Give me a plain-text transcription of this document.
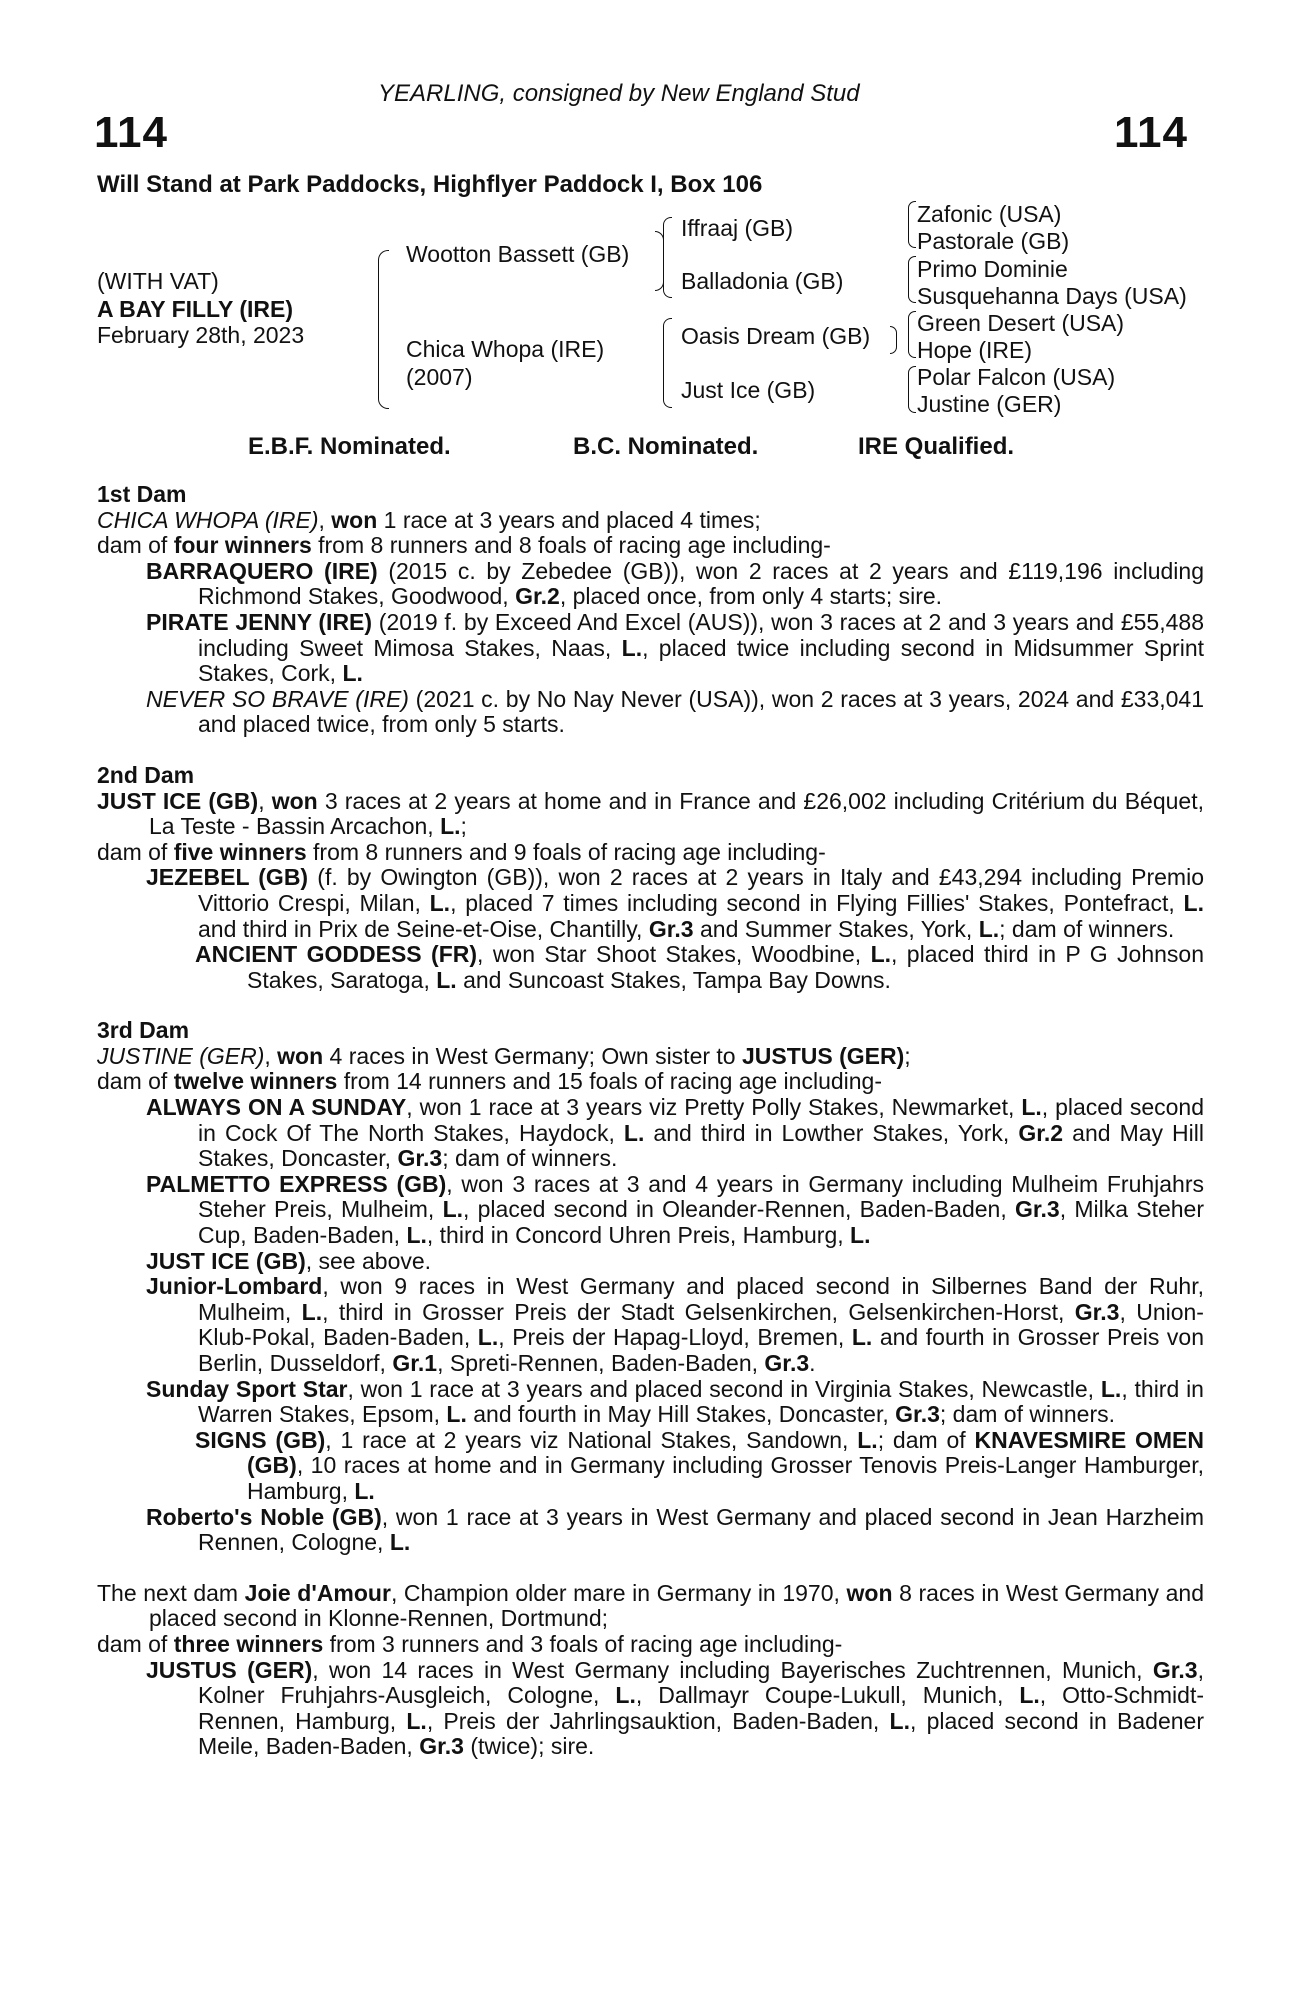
YEARLING, consigned by New England Stud
114	114
Will Stand at Park Paddocks, Highflyer Paddock I, Box 106
(WITH VAT)
A BAY FILLY (IRE)
February 28th, 2023
Wootton Bassett (GB)
Chica Whopa (IRE)
(2007)
Iffraaj (GB)
Balladonia (GB)
Oasis Dream (GB)
Just Ice (GB)
Zafonic (USA)
Pastorale (GB)
Primo Dominie
Susquehanna Days (USA)
Green Desert (USA)
Hope (IRE)
Polar Falcon (USA)
Justine (GER)
E.B.F. Nominated.	B.C. Nominated.	IRE Qualified.

1st Dam

CHICA WHOPA (IRE), won 1 race at 3 years and placed 4 times;

dam of four winners from 8 runners and 8 foals of racing age including-

BARRAQUERO (IRE) (2015 c. by Zebedee (GB)), won 2 races at 2 years and £119,196 including Richmond Stakes, Goodwood, Gr.2, placed once, from only 4 starts; sire.

PIRATE JENNY (IRE) (2019 f. by Exceed And Excel (AUS)), won 3 races at 2 and 3 years and £55,488 including Sweet Mimosa Stakes, Naas, L., placed twice including second in Midsummer Sprint Stakes, Cork, L.

NEVER SO BRAVE (IRE) (2021 c. by No Nay Never (USA)), won 2 races at 3 years, 2024 and £33,041 and placed twice, from only 5 starts.

2nd Dam

JUST ICE (GB), won 3 races at 2 years at home and in France and £26,002 including Critérium du Béquet, La Teste - Bassin Arcachon, L.;

dam of five winners from 8 runners and 9 foals of racing age including-

JEZEBEL (GB) (f. by Owington (GB)), won 2 races at 2 years in Italy and £43,294 including Premio Vittorio Crespi, Milan, L., placed 7 times including second in Flying Fillies' Stakes, Pontefract, L. and third in Prix de Seine-et-Oise, Chantilly, Gr.3 and Summer Stakes, York, L.; dam of winners.

ANCIENT GODDESS (FR), won Star Shoot Stakes, Woodbine, L., placed third in P G Johnson Stakes, Saratoga, L. and Suncoast Stakes, Tampa Bay Downs.

3rd Dam

JUSTINE (GER), won 4 races in West Germany; Own sister to JUSTUS (GER);

dam of twelve winners from 14 runners and 15 foals of racing age including-

ALWAYS ON A SUNDAY, won 1 race at 3 years viz Pretty Polly Stakes, Newmarket, L., placed second in Cock Of The North Stakes, Haydock, L. and third in Lowther Stakes, York, Gr.2 and May Hill Stakes, Doncaster, Gr.3; dam of winners.

PALMETTO EXPRESS (GB), won 3 races at 3 and 4 years in Germany including Mulheim Fruhjahrs Steher Preis, Mulheim, L., placed second in Oleander-Rennen, Baden-Baden, Gr.3, Milka Steher Cup, Baden-Baden, L., third in Concord Uhren Preis, Hamburg, L.

JUST ICE (GB), see above.

Junior-Lombard, won 9 races in West Germany and placed second in Silbernes Band der Ruhr, Mulheim, L., third in Grosser Preis der Stadt Gelsenkirchen, Gelsenkirchen-Horst, Gr.3, Union-Klub-Pokal, Baden-Baden, L., Preis der Hapag-Lloyd, Bremen, L. and fourth in Grosser Preis von Berlin, Dusseldorf, Gr.1, Spreti-Rennen, Baden-Baden, Gr.3.

Sunday Sport Star, won 1 race at 3 years and placed second in Virginia Stakes, Newcastle, L., third in Warren Stakes, Epsom, L. and fourth in May Hill Stakes, Doncaster, Gr.3; dam of winners.

SIGNS (GB), 1 race at 2 years viz National Stakes, Sandown, L.; dam of KNAVESMIRE OMEN (GB), 10 races at home and in Germany including Grosser Tenovis Preis-Langer Hamburger, Hamburg, L.

Roberto's Noble (GB), won 1 race at 3 years in West Germany and placed second in Jean Harzheim Rennen, Cologne, L.

The next dam Joie d'Amour, Champion older mare in Germany in 1970, won 8 races in West Germany and placed second in Klonne-Rennen, Dortmund;

dam of three winners from 3 runners and 3 foals of racing age including-

JUSTUS (GER), won 14 races in West Germany including Bayerisches Zuchtrennen, Munich, Gr.3, Kolner Fruhjahrs-Ausgleich, Cologne, L., Dallmayr Coupe-Lukull, Munich, L., Otto-Schmidt-Rennen, Hamburg, L., Preis der Jahrlingsauktion, Baden-Baden, L., placed second in Badener Meile, Baden-Baden, Gr.3 (twice); sire.
